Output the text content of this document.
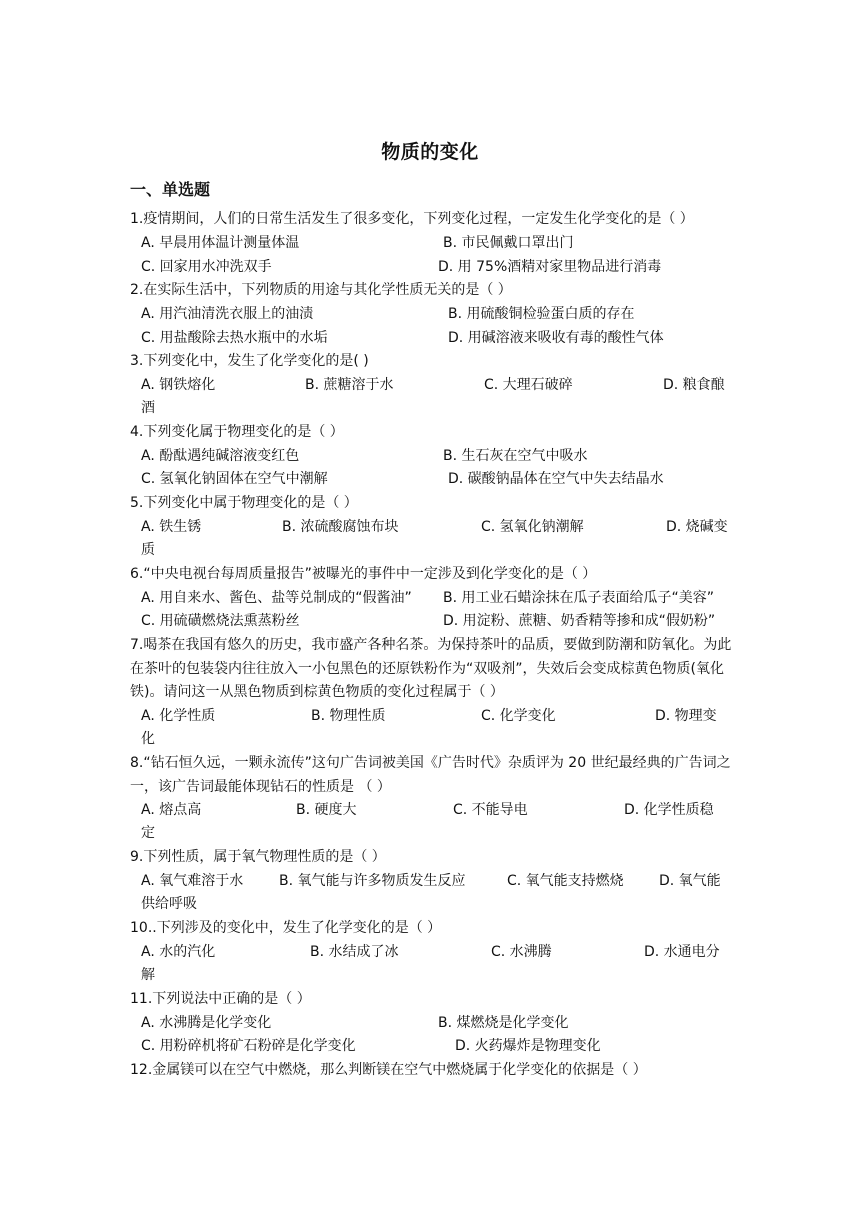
物质的变化
一、单选题
1.疫情期间，人们的日常生活发生了很多变化，下列变化过程，一定发生化学变化的是（ ）
A. 早晨用体温计测量体温	B. 市民佩戴口罩出门
C. 回家用水冲洗双手	D. 用 75%酒精对家里物品进行消毒
2.在实际生活中，下列物质的用途与其化学性质无关的是（ ）
A. 用汽油清洗衣服上的油渍	B. 用硫酸铜检验蛋白质的存在
C. 用盐酸除去热水瓶中的水垢	D. 用碱溶液来吸收有毒的酸性气体
3.下列变化中，发生了化学变化的是( )
A. 钢铁熔化	B. 蔗糖溶于水	C. 大理石破碎	D. 粮食酿
酒
4.下列变化属于物理变化的是（ ）
A. 酚酞遇纯碱溶液变红色	B. 生石灰在空气中吸水
C. 氢氧化钠固体在空气中潮解	D. 碳酸钠晶体在空气中失去结晶水
5.下列变化中属于物理变化的是（ ）
A. 铁生锈	B. 浓硫酸腐蚀布块	C. 氢氧化钠潮解	D. 烧碱变
质
6.“中央电视台每周质量报告”被曝光的事件中一定涉及到化学变化的是（ ）
A. 用自来水、酱色、盐等兑制成的“假酱油” B. 用工业石蜡涂抹在瓜子表面给瓜子“美容”
C. 用硫磺燃烧法熏蒸粉丝	D. 用淀粉、蔗糖、奶香精等掺和成“假奶粉”
7.喝茶在我国有悠久的历史，我市盛产各种名茶。为保持茶叶的品质，要做到防潮和防氧化。为此在茶叶的包装袋内往往放入一小包黑色的还原铁粉作为“双吸剂”，失效后会变成棕黄色物质(氧化铁)。请问这一从黑色物质到棕黄色物质的变化过程属于（ ）
A. 化学性质	B. 物理性质	C. 化学变化	D. 物理变
化
8.“钻石恒久远，一颗永流传”这句广告词被美国《广告时代》杂质评为 20 世纪最经典的广告词之一，该广告词最能体现钻石的性质是 （ ）
A. 熔点高	B. 硬度大	C. 不能导电	D. 化学性质稳
定
9.下列性质，属于氧气物理性质的是（ ）
A. 氧气难溶于水	B. 氧气能与许多物质发生反应	C. 氧气能支持燃烧	D. 氧气能
供给呼吸
10..下列涉及的变化中，发生了化学变化的是（ ）
A. 水的汽化	B. 水结成了冰	C. 水沸腾	D. 水通电分
解
11.下列说法中正确的是（ ）
A. 水沸腾是化学变化	B. 煤燃烧是化学变化
C. 用粉碎机将矿石粉碎是化学变化	D. 火药爆炸是物理变化
12.金属镁可以在空气中燃烧，那么判断镁在空气中燃烧属于化学变化的依据是（ ）
